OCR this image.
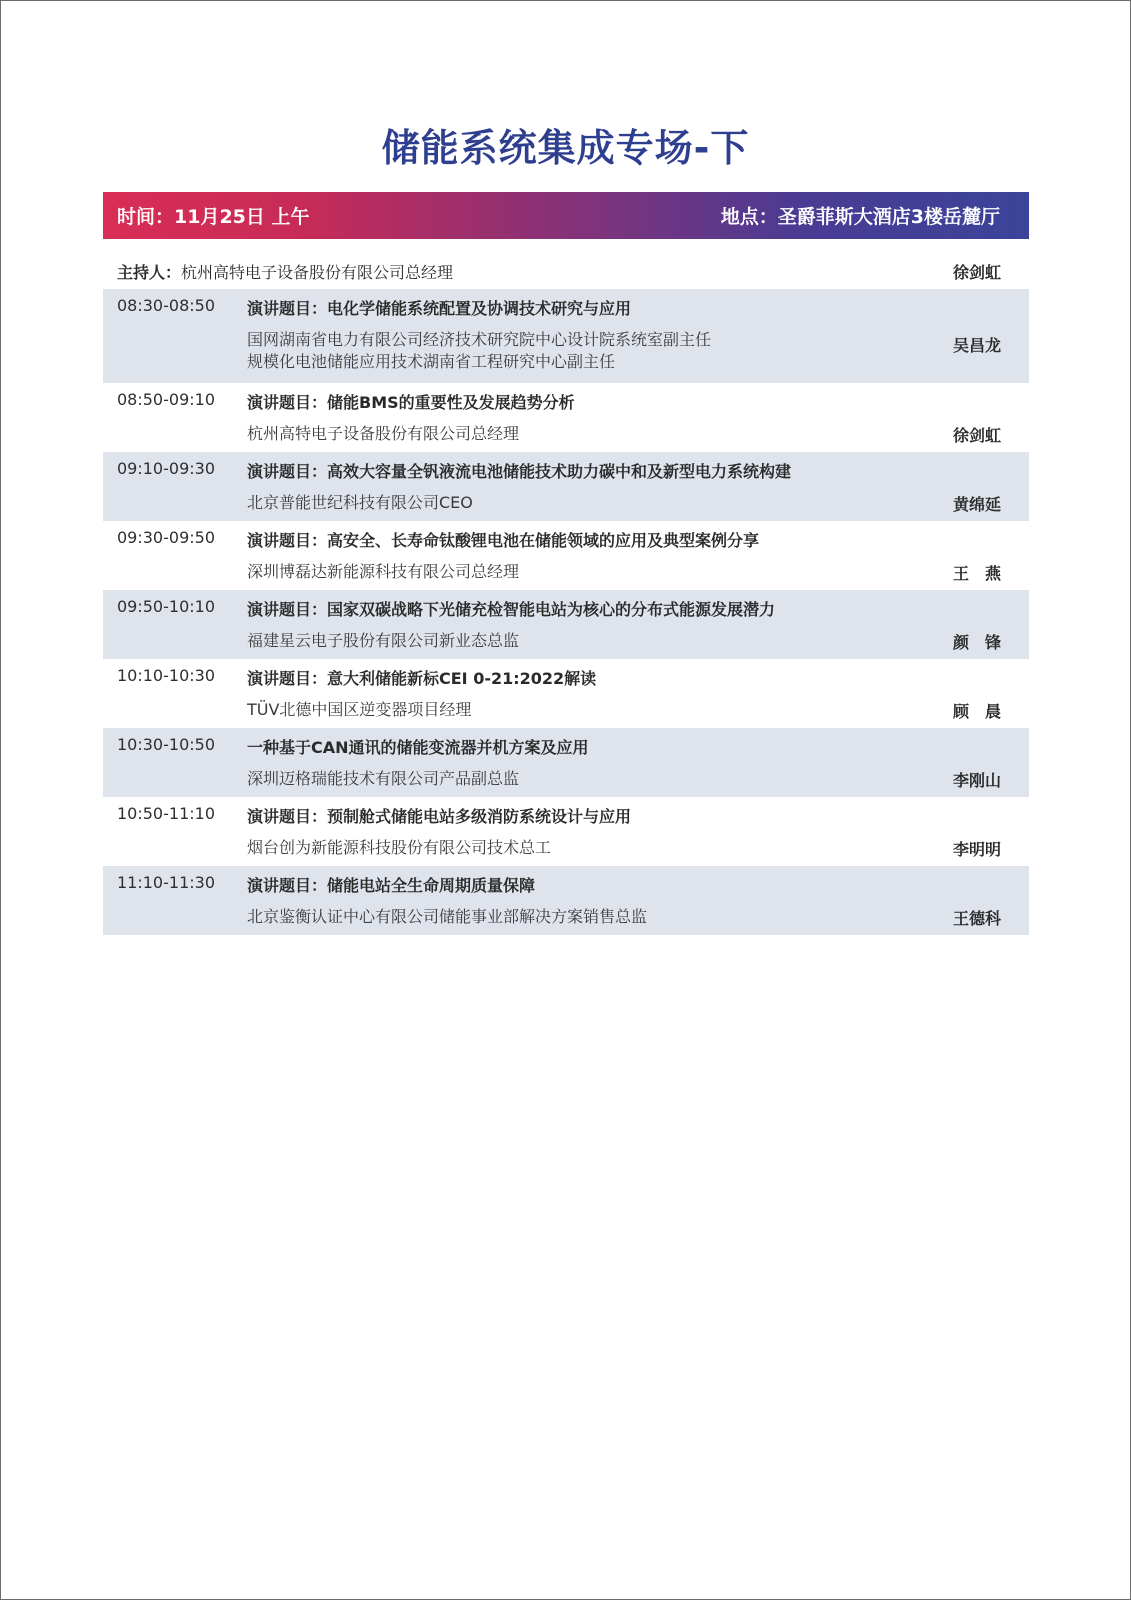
储能系统集成专场-下
时间：11月25日 上午	地点：圣爵菲斯大酒店3楼岳麓厅
主持人： 杭州高特电子设备股份有限公司总经理	徐剑虹
08:30-08:50 演讲题目：电化学储能系统配置及协调技术研究与应用
国网湖南省电力有限公司经济技术研究院中心设计院系统室副主任
规模化电池储能应用技术湖南省工程研究中心副主任
吴昌龙
08:50-09:10 演讲题目：储能BMS的重要性及发展趋势分析
杭州高特电子设备股份有限公司总经理	徐剑虹
09:10-09:30 演讲题目：高效大容量全钒液流电池储能技术助力碳中和及新型电力系统构建
北京普能世纪科技有限公司CEO	黄绵延
09:30-09:50 演讲题目：高安全、长寿命钛酸锂电池在储能领域的应用及典型案例分享
深圳博磊达新能源科技有限公司总经理	王　燕
09:50-10:10 演讲题目：国家双碳战略下光储充检智能电站为核心的分布式能源发展潜力
福建星云电子股份有限公司新业态总监	颜　锋
10:10-10:30 演讲题目：意大利储能新标CEI 0-21:2022解读
TÜV北德中国区逆变器项目经理	顾　晨
10:30-10:50 一种基于CAN通讯的储能变流器并机方案及应用
深圳迈格瑞能技术有限公司产品副总监	李刚山
10:50-11:10 演讲题目：预制舱式储能电站多级消防系统设计与应用
烟台创为新能源科技股份有限公司技术总工	李明明
11:10-11:30 演讲题目：储能电站全生命周期质量保障
北京鉴衡认证中心有限公司储能事业部解决方案销售总监	王德科
